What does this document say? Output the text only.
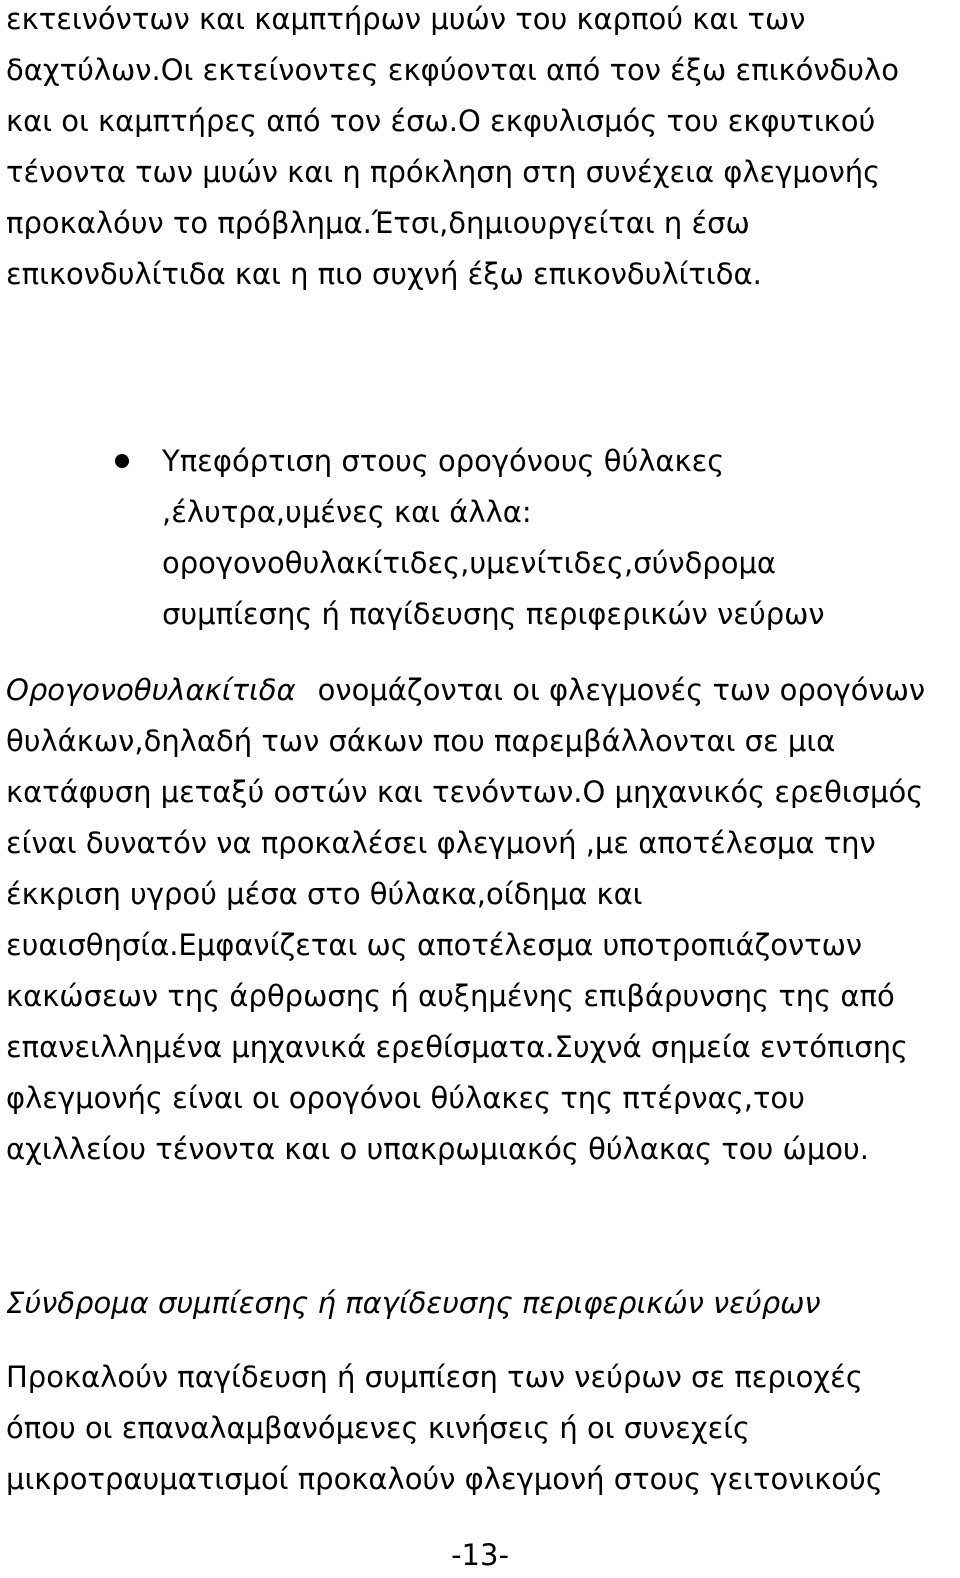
εκτεινόντων και καμπτήρων μυών του καρπού και των
δαχτύλων.Οι εκτείνοντες εκφύονται από τον έξω επικόνδυλο
και οι καμπτήρες από τον έσω.Ο εκφυλισμός του εκφυτικού
τένοντα των μυών και η πρόκληση στη συνέχεια φλεγμονής
προκαλόυν το πρόβλημα.Έτσι,δημιουργείται η έσω
επικονδυλίτιδα και η πιο συχνή έξω επικονδυλίτιδα.
Υπεφόρτιση στους ορογόνους θύλακες
,έλυτρα,υμένες και άλλα:
ορογονοθυλακίτιδες,υμενίτιδες,σύνδρομα
συμπίεσης ή παγίδευσης περιφερικών νεύρων
Ορογονοθυλακίτιδα ονομάζονται οι φλεγμονές των ορογόνων
θυλάκων,δηλαδή των σάκων που παρεμβάλλονται σε μια
κατάφυση μεταξύ οστών και τενόντων.Ο μηχανικός ερεθισμός
είναι δυνατόν να προκαλέσει φλεγμονή ,με αποτέλεσμα την
έκκριση υγρού μέσα στο θύλακα,οίδημα και
ευαισθησία.Εμφανίζεται ως αποτέλεσμα υποτροπιάζοντων
κακώσεων της άρθρωσης ή αυξημένης επιβάρυνσης της από
επανειλλημένα μηχανικά ερεθίσματα.Συχνά σημεία εντόπισης
φλεγμονής είναι οι ορογόνοι θύλακες της πτέρνας,του
αχιλλείου τένοντα και ο υπακρωμιακός θύλακας του ώμου.
Σύνδρομα συμπίεσης ή παγίδευσης περιφερικών νεύρων
Προκαλούν παγίδευση ή συμπίεση των νεύρων σε περιοχές
όπου οι επαναλαμβανόμενες κινήσεις ή οι συνεχείς
μικροτραυματισμοί προκαλούν φλεγμονή στους γειτονικούς
-13-
